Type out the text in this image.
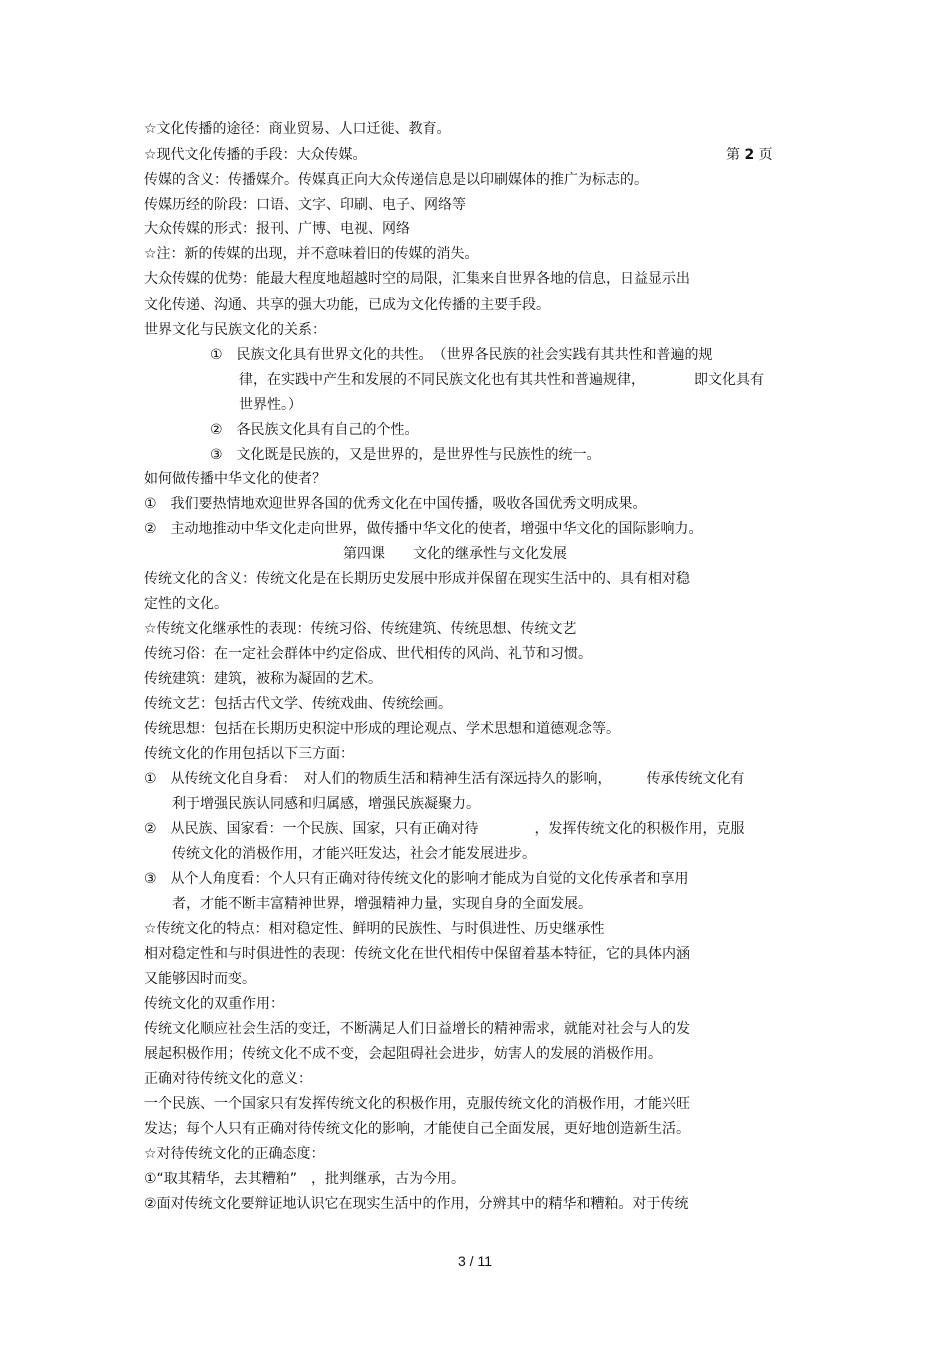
第 2 页
☆文化传播的途径：商业贸易、人口迁徙、教育。
☆现代文化传播的手段：大众传媒。
传媒的含义：传播媒介。传媒真正向大众传递信息是以印刷媒体的推广为标志的。
传媒历经的阶段：口语、文字、印刷、电子、网络等
大众传媒的形式：报刊、广博、电视、网络
☆注：新的传媒的出现，并不意味着旧的传媒的消失。
大众传媒的优势：能最大程度地超越时空的局限，汇集来自世界各地的信息，日益显示出
文化传递、沟通、共享的强大功能，已成为文化传播的主要手段。
世界文化与民族文化的关系：
①　民族文化具有世界文化的共性。　（世界各民族的社会实践有其共性和普遍的规
律，在实践中产生和发展的不同民族文化也有其共性和普遍规律，　　　　即文化具有
世界性。）
②　各民族文化具有自己的个性。
③　文化既是民族的，又是世界的，是世界性与民族性的统一。
如何做传播中华文化的使者？
①　我们要热情地欢迎世界各国的优秀文化在中国传播，吸收各国优秀文明成果。
②　主动地推动中华文化走向世界，做传播中华文化的使者，增强中华文化的国际影响力。
第四课　　文化的继承性与文化发展
传统文化的含义：传统文化是在长期历史发展中形成并保留在现实生活中的、具有相对稳
定性的文化。
☆传统文化继承性的表现：传统习俗、传统建筑、传统思想、传统文艺
传统习俗：在一定社会群体中约定俗成、世代相传的风尚、礼节和习惯。
传统建筑：建筑，被称为凝固的艺术。
传统文艺：包括古代文学、传统戏曲、传统绘画。
传统思想：包括在长期历史积淀中形成的理论观点、学术思想和道德观念等。
传统文化的作用包括以下三方面：
①　从传统文化自身看：　对人们的物质生活和精神生活有深远持久的影响，　　　传承传统文化有
利于增强民族认同感和归属感，增强民族凝聚力。
②　从民族、国家看：一个民族、国家，只有正确对待　　　　，发挥传统文化的积极作用，克服
传统文化的消极作用，才能兴旺发达，社会才能发展进步。
③　从个人角度看：个人只有正确对待传统文化的影响才能成为自觉的文化传承者和享用
者，才能不断丰富精神世界，增强精神力量，实现自身的全面发展。
☆传统文化的特点：相对稳定性、鲜明的民族性、与时俱进性、历史继承性
相对稳定性和与时俱进性的表现：传统文化在世代相传中保留着基本特征，它的具体内涵
又能够因时而变。
传统文化的双重作用：
传统文化顺应社会生活的变迁，不断满足人们日益增长的精神需求，就能对社会与人的发
展起积极作用；传统文化不成不变，会起阻碍社会进步，妨害人的发展的消极作用。
正确对待传统文化的意义：
一个民族、一个国家只有发挥传统文化的积极作用，克服传统文化的消极作用，才能兴旺
发达；每个人只有正确对待传统文化的影响，才能使自己全面发展，更好地创造新生活。
☆对待传统文化的正确态度：
①“取其精华，去其糟粕”　，批判继承，古为今用。
②面对传统文化要辩证地认识它在现实生活中的作用，分辨其中的精华和糟粕。对于传统
3 / 11
